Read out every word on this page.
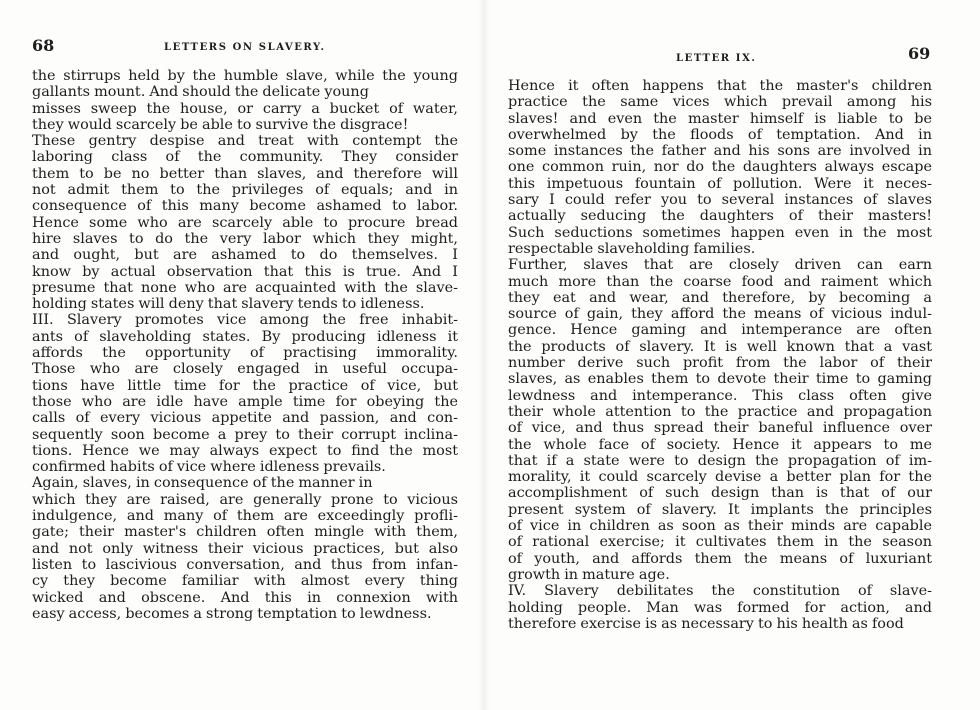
68	LETTERS ON SLAVERY.
the stirrups held by the humble slave, while the young
gallants mount. And should the delicate young
misses sweep the house, or carry a bucket of water,
they would scarcely be able to survive the disgrace!
These gentry despise and treat with contempt the
laboring class of the community. They consider
them to be no better than slaves, and therefore will
not admit them to the privileges of equals; and in
consequence of this many become ashamed to labor.
Hence some who are scarcely able to procure bread
hire slaves to do the very labor which they might,
and ought, but are ashamed to do themselves. I
know by actual observation that this is true. And I
presume that none who are acquainted with the slave-
holding states will deny that slavery tends to idleness.
III. Slavery promotes vice among the free inhabit-
ants of slaveholding states. By producing idleness it
affords the opportunity of practising immorality.
Those who are closely engaged in useful occupa-
tions have little time for the practice of vice, but
those who are idle have ample time for obeying the
calls of every vicious appetite and passion, and con-
sequently soon become a prey to their corrupt inclina-
tions. Hence we may always expect to find the most
confirmed habits of vice where idleness prevails.
Again, slaves, in consequence of the manner in
which they are raised, are generally prone to vicious
indulgence, and many of them are exceedingly profli-
gate; their master's children often mingle with them,
and not only witness their vicious practices, but also
listen to lascivious conversation, and thus from infan-
cy they become familiar with almost every thing
wicked and obscene. And this in connexion with
easy access, becomes a strong temptation to lewdness.
LETTER IX.	69
Hence it often happens that the master's children
practice the same vices which prevail among his
slaves! and even the master himself is liable to be
overwhelmed by the floods of temptation. And in
some instances the father and his sons are involved in
one common ruin, nor do the daughters always escape
this impetuous fountain of pollution. Were it neces-
sary I could refer you to several instances of slaves
actually seducing the daughters of their masters!
Such seductions sometimes happen even in the most
respectable slaveholding families.
Further, slaves that are closely driven can earn
much more than the coarse food and raiment which
they eat and wear, and therefore, by becoming a
source of gain, they afford the means of vicious indul-
gence. Hence gaming and intemperance are often
the products of slavery. It is well known that a vast
number derive such profit from the labor of their
slaves, as enables them to devote their time to gaming
lewdness and intemperance. This class often give
their whole attention to the practice and propagation
of vice, and thus spread their baneful influence over
the whole face of society. Hence it appears to me
that if a state were to design the propagation of im-
morality, it could scarcely devise a better plan for the
accomplishment of such design than is that of our
present system of slavery. It implants the principles
of vice in children as soon as their minds are capable
of rational exercise; it cultivates them in the season
of youth, and affords them the means of luxuriant
growth in mature age.
IV. Slavery debilitates the constitution of slave-
holding people. Man was formed for action, and
therefore exercise is as necessary to his health as food
